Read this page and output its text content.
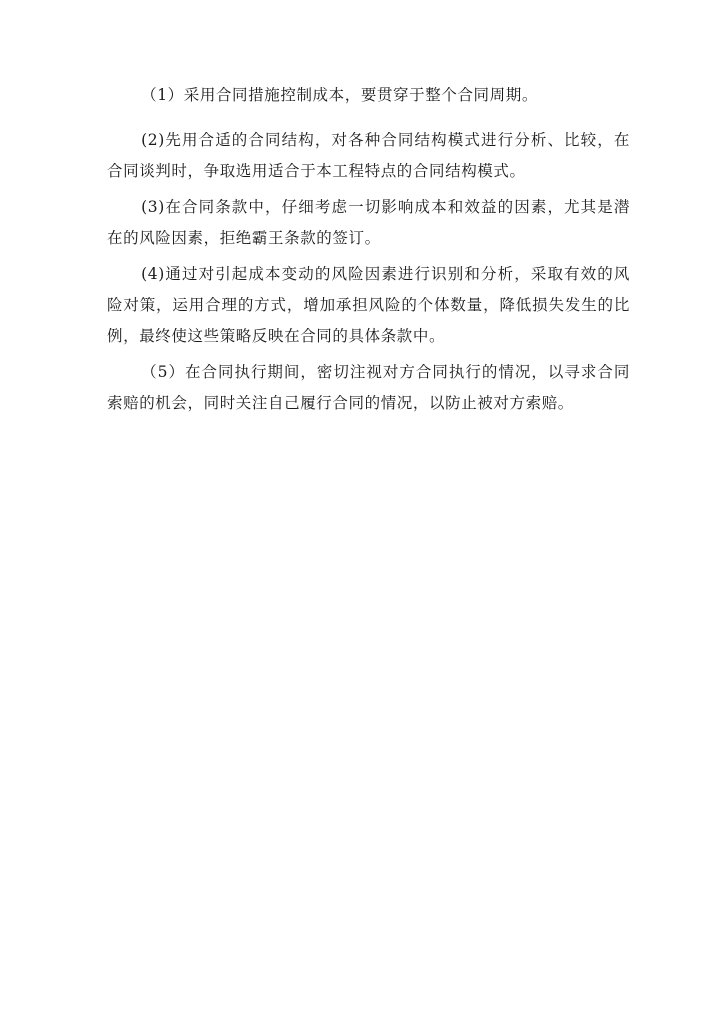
（1）采用合同措施控制成本，要贯穿于整个合同周期。

(2)先用合适的合同结构，对各种合同结构模式进行分析、比较，在合同谈判时，争取选用适合于本工程特点的合同结构模式。

(3)在合同条款中，仔细考虑一切影响成本和效益的因素，尤其是潜在的风险因素，拒绝霸王条款的签订。

(4)通过对引起成本变动的风险因素进行识别和分析，采取有效的风险对策，运用合理的方式，增加承担风险的个体数量，降低损失发生的比例，最终使这些策略反映在合同的具体条款中。

（5）在合同执行期间，密切注视对方合同执行的情况，以寻求合同索赔的机会，同时关注自己履行合同的情况，以防止被对方索赔。
